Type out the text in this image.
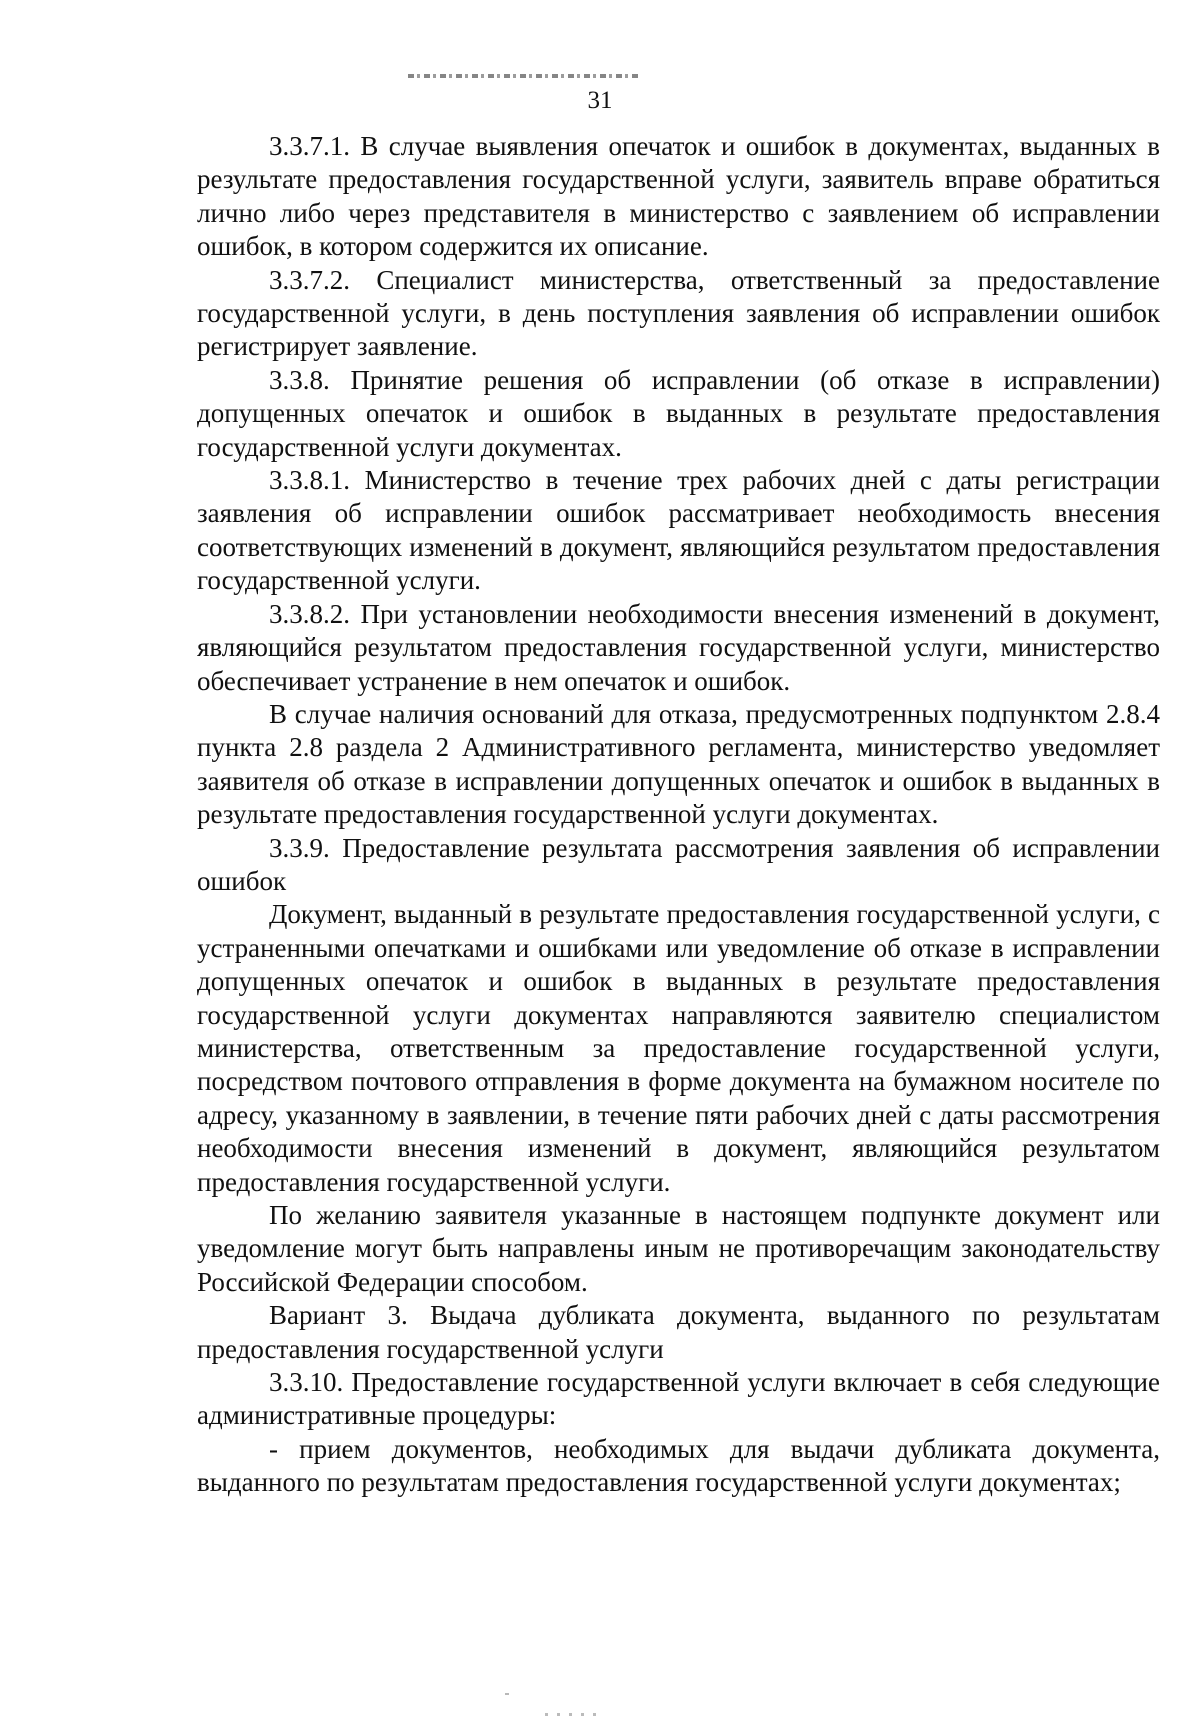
31

3.3.7.1. В случае выявления опечаток и ошибок в документах, выданных в результате предоставления государственной услуги, заявитель вправе обратиться лично либо через представителя в министерство с заявлением об исправлении ошибок, в котором содержится их описание.

3.3.7.2. Специалист министерства, ответственный за предоставление государственной услуги, в день поступления заявления об исправлении ошибок регистрирует заявление.

3.3.8. Принятие решения об исправлении (об отказе в исправлении) допущенных опечаток и ошибок в выданных в результате предоставления государственной услуги документах.

3.3.8.1. Министерство в течение трех рабочих дней с даты регистрации заявления об исправлении ошибок рассматривает необходимость внесения соответствующих изменений в документ, являющийся результатом предоставления государственной услуги.

3.3.8.2. При установлении необходимости внесения изменений в документ, являющийся результатом предоставления государственной услуги, министерство обеспечивает устранение в нем опечаток и ошибок.

В случае наличия оснований для отказа, предусмотренных подпунктом 2.8.4 пункта 2.8 раздела 2 Административного регламента, министерство уведомляет заявителя об отказе в исправлении допущенных опечаток и ошибок в выданных в результате предоставления государственной услуги документах.

3.3.9. Предоставление результата рассмотрения заявления об исправлении ошибок

Документ, выданный в результате предоставления государственной услуги, с устраненными опечатками и ошибками или уведомление об отказе в исправлении допущенных опечаток и ошибок в выданных в результате предоставления государственной услуги документах направляются заявителю специалистом министерства, ответственным за предоставление государственной услуги, посредством почтового отправления в форме документа на бумажном носителе по адресу, указанному в заявлении, в течение пяти рабочих дней с даты рассмотрения необходимости внесения изменений в документ, являющийся результатом предоставления государственной услуги.

По желанию заявителя указанные в настоящем подпункте документ или уведомление могут быть направлены иным не противоречащим законодательству Российской Федерации способом.

Вариант 3. Выдача дубликата документа, выданного по результатам предоставления государственной услуги

3.3.10. Предоставление государственной услуги включает в себя следующие административные процедуры:

- прием документов, необходимых для выдачи дубликата документа, выданного по результатам предоставления государственной услуги документах;
